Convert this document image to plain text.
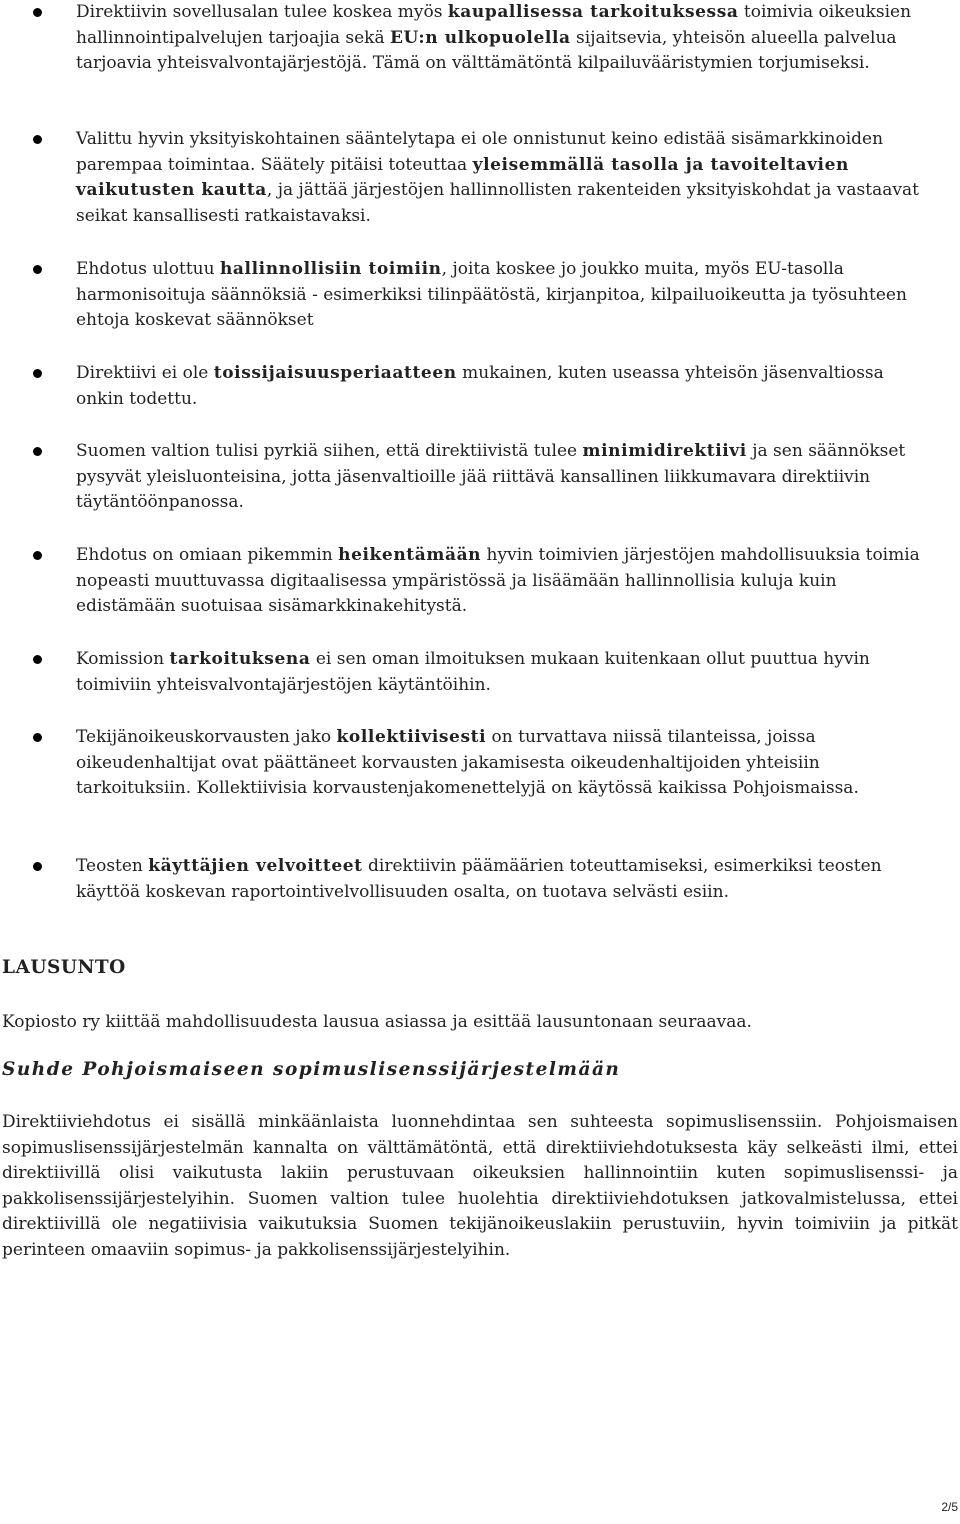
Direktiivin sovellusalan tulee koskea myös kaupallisessa tarkoituksessa toimivia oikeuksien hallinnointipalvelujen tarjoajia sekä EU:n ulkopuolella sijaitsevia, yhteisön alueella palvelua tarjoavia yhteisvalvontajärjestöjä. Tämä on välttämätöntä kilpailuvääristymien torjumiseksi.
Valittu hyvin yksityiskohtainen sääntelytapa ei ole onnistunut keino edistää sisämarkkinoiden parempaa toimintaa. Säätely pitäisi toteuttaa yleisemmällä tasolla ja tavoiteltavien vaikutusten kautta, ja jättää järjestöjen hallinnollisten rakenteiden yksityiskohdat ja vastaavat seikat kansallisesti ratkaistavaksi.
Ehdotus ulottuu hallinnollisiin toimiin, joita koskee jo joukko muita, myös EU-tasolla harmonisoituja säännöksiä - esimerkiksi tilinpäätöstä, kirjanpitoa, kilpailuoikeutta ja työsuhteen ehtoja koskevat säännökset
Direktiivi ei ole toissijaisuusperiaatteen mukainen, kuten useassa yhteisön jäsenvaltiossa onkin todettu.
Suomen valtion tulisi pyrkiä siihen, että direktiivistä tulee minimidirektiivi ja sen säännökset pysyvät yleisluonteisina, jotta jäsenvaltioille jää riittävä kansallinen liikkumavara direktiivin täytäntöönpanossa.
Ehdotus on omiaan pikemmin heikentämään hyvin toimivien järjestöjen mahdollisuuksia toimia nopeasti muuttuvassa digitaalisessa ympäristössä ja lisäämään hallinnollisia kuluja kuin edistämään suotuisaa sisämarkkinakehitystä.
Komission tarkoituksena ei sen oman ilmoituksen mukaan kuitenkaan ollut puuttua hyvin toimiviin yhteisvalvontajärjestöjen käytäntöihin.
Tekijänoikeuskorvausten jako kollektiivisesti on turvattava niissä tilanteissa, joissa oikeudenhaltijat ovat päättäneet korvausten jakamisesta oikeudenhaltijoiden yhteisiin tarkoituksiin. Kollektiivisia korvaustenjakomenettelyjä on käytössä kaikissa Pohjoismaissa.
Teosten käyttäjien velvoitteet direktiivin päämäärien toteuttamiseksi, esimerkiksi teosten käyttöä koskevan raportointivelvollisuuden osalta, on tuotava selvästi esiin.
LAUSUNTO

Kopiosto ry kiittää mahdollisuudesta lausua asiassa ja esittää lausuntonaan seuraavaa.

Suhde Pohjoismaiseen sopimuslisenssijärjestelmään

Direktiiviehdotus ei sisällä minkäänlaista luonnehdintaa sen suhteesta sopimuslisenssiin. Pohjoismaisen sopimuslisenssijärjestelmän kannalta on välttämätöntä, että direktiiviehdotuksesta käy selkeästi ilmi, ettei direktiivillä olisi vaikutusta lakiin perustuvaan oikeuksien hallinnointiin kuten sopimuslisenssi- ja pakkolisenssijärjestelyihin. Suomen valtion tulee huolehtia direktiiviehdotuksen jatkovalmistelussa, ettei direktiivillä ole negatiivisia vaikutuksia Suomen tekijänoikeuslakiin perustuviin, hyvin toimiviin ja pitkät perinteen omaaviin sopimus- ja pakkolisenssijärjestelyihin.

2/5
